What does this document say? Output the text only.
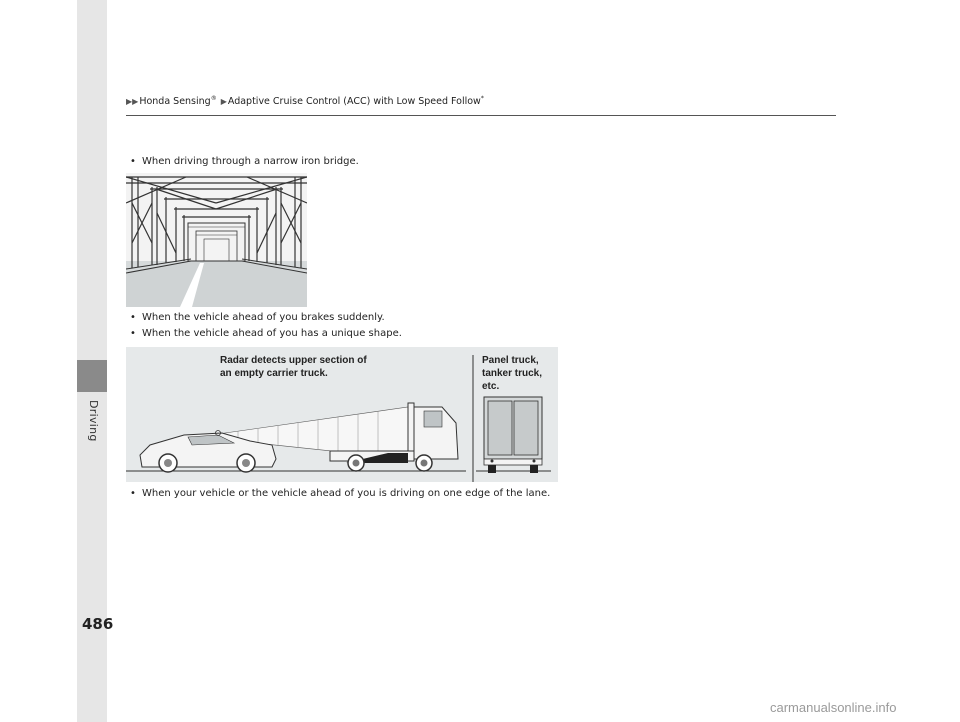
Driving
▶▶ Honda Sensing® ▶ Adaptive Cruise Control (ACC) with Low Speed Follow*
• When driving through a narrow iron bridge.
• When the vehicle ahead of you brakes suddenly.
• When the vehicle ahead of you has a unique shape.
Radar detects upper section of
an empty carrier truck.
Panel truck,
tanker truck,
etc.
• When your vehicle or the vehicle ahead of you is driving on one edge of the lane.
486
carmanualsonline.info
